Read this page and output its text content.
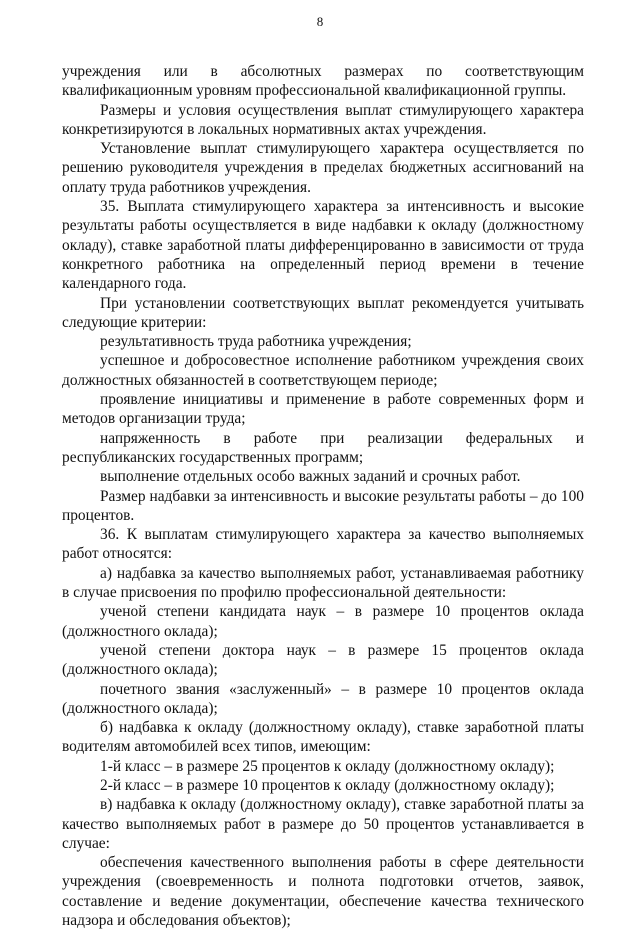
8

учреждения или в абсолютных размерах по соответствующим квалификационным уровням профессиональной квалификационной группы.

Размеры и условия осуществления выплат стимулирующего характера конкретизируются в локальных нормативных актах учреждения.

Установление выплат стимулирующего характера осуществляется по решению руководителя учреждения в пределах бюджетных ассигнований на оплату труда работников учреждения.

35. Выплата стимулирующего характера за интенсивность и высокие результаты работы осуществляется в виде надбавки к окладу (должностному окладу), ставке заработной платы дифференцированно в зависимости от труда конкретного работника на определенный период времени в течение календарного года.

При установлении соответствующих выплат рекомендуется учитывать следующие критерии:

результативность труда работника учреждения;

успешное и добросовестное исполнение работником учреждения своих должностных обязанностей в соответствующем периоде;

проявление инициативы и применение в работе современных форм и методов организации труда;

напряженность в работе при реализации федеральных и республиканских государственных программ;

выполнение отдельных особо важных заданий и срочных работ.

Размер надбавки за интенсивность и высокие результаты работы – до 100 процентов.

36. К выплатам стимулирующего характера за качество выполняемых работ относятся:

а) надбавка за качество выполняемых работ, устанавливаемая работнику в случае присвоения по профилю профессиональной деятельности:

ученой степени кандидата наук – в размере 10 процентов оклада (должностного оклада);

ученой степени доктора наук – в размере 15 процентов оклада (должностного оклада);

почетного звания «заслуженный» – в размере 10 процентов оклада (должностного оклада);

б) надбавка к окладу (должностному окладу), ставке заработной платы водителям автомобилей всех типов, имеющим:

1-й класс – в размере 25 процентов к окладу (должностному окладу);

2-й класс – в размере 10 процентов к окладу (должностному окладу);

в) надбавка к окладу (должностному окладу), ставке заработной платы за качество выполняемых работ в размере до 50 процентов устанавливается в случае:

обеспечения качественного выполнения работы в сфере деятельности учреждения (своевременность и полнота подготовки отчетов, заявок, составление и ведение документации, обеспечение качества технического надзора и обследования объектов);
